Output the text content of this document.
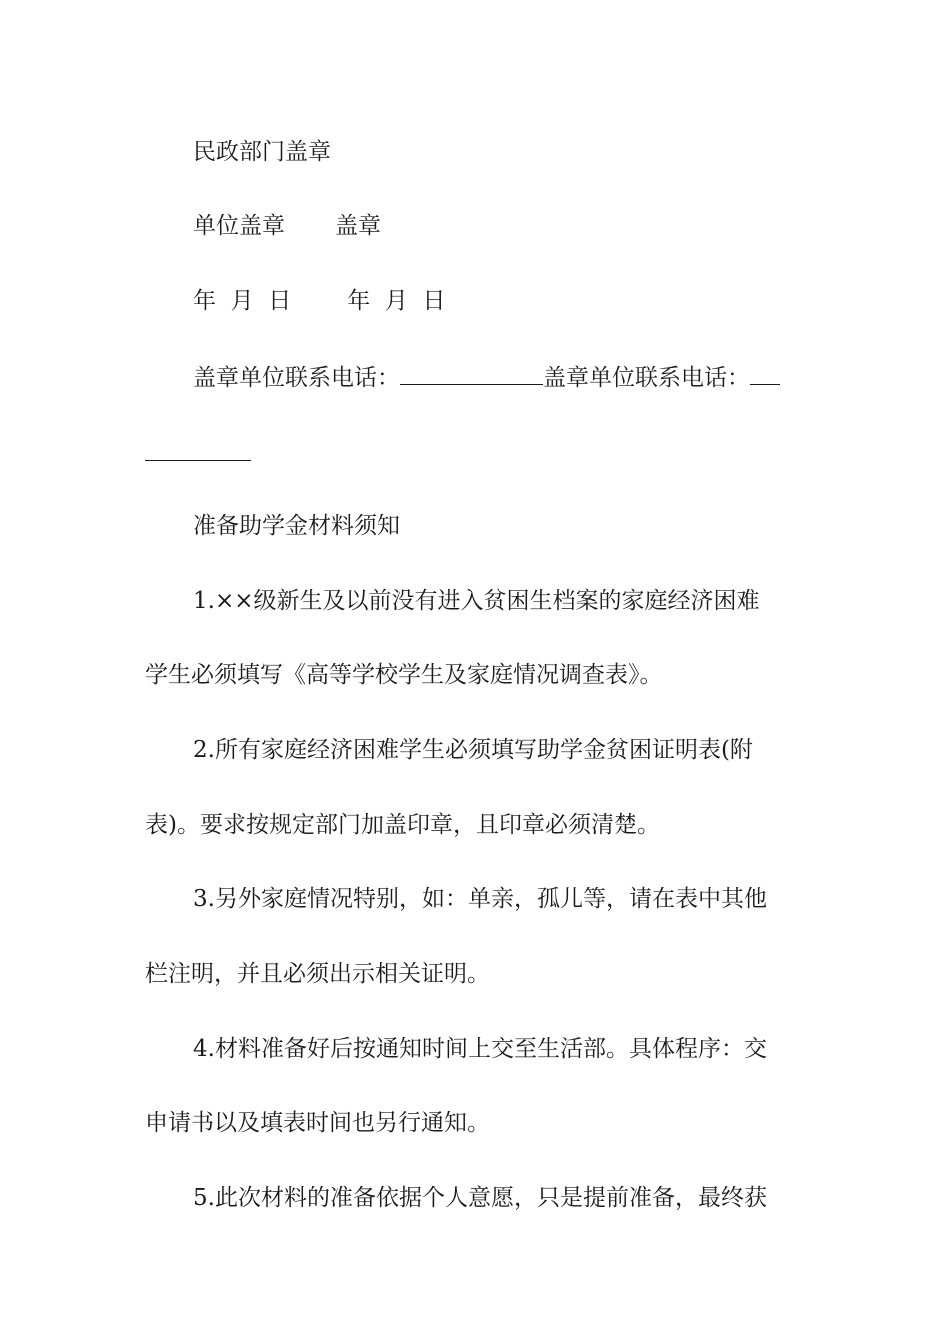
民政部门盖章
单位盖章 盖章
年  月  日 年  月  日
盖章单位联系电话：	盖章单位联系电话：
准备助学金材料须知
1.××级新生及以前没有进入贫困生档案的家庭经济困难
学生必须填写《高等学校学生及家庭情况调查表》。
2.所有家庭经济困难学生必须填写助学金贫困证明表(附
表)。要求按规定部门加盖印章，且印章必须清楚。
3.另外家庭情况特别，如：单亲，孤儿等，请在表中其他
栏注明，并且必须出示相关证明。
4.材料准备好后按通知时间上交至生活部。具体程序：交
申请书以及填表时间也另行通知。
5.此次材料的准备依据个人意愿，只是提前准备，最终获
